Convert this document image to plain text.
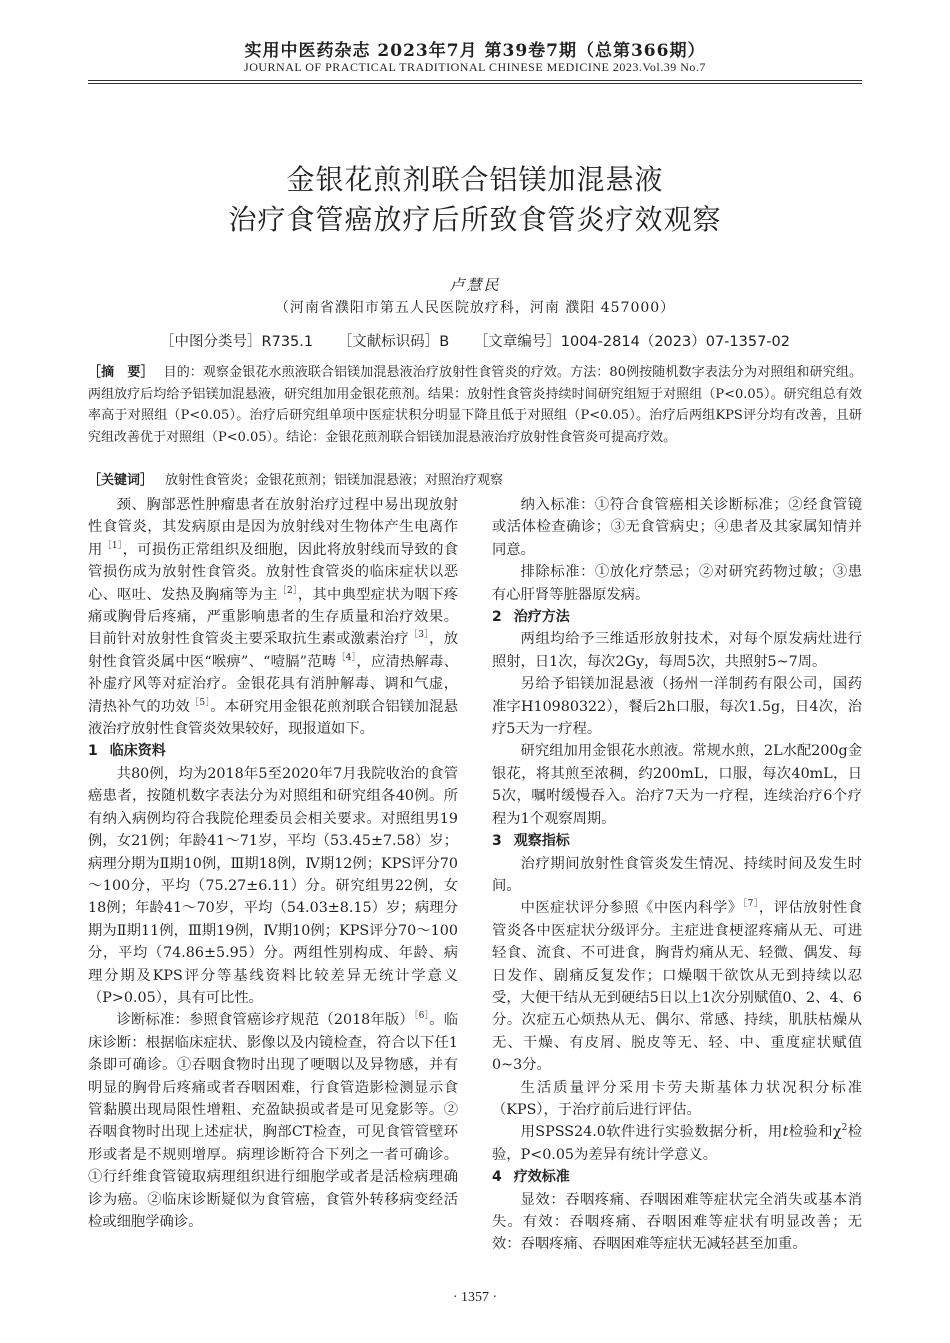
实用中医药杂志 2023年7月 第39卷7期（总第366期）
JOURNAL OF PRACTICAL TRADITIONAL CHINESE MEDICINE 2023.Vol.39 No.7
金银花煎剂联合铝镁加混悬液
治疗食管癌放疗后所致食管炎疗效观察
卢慧民
（河南省濮阳市第五人民医院放疗科，河南 濮阳 457000）
［中图分类号］R735.1 ［文献标识码］B ［文章编号］1004-2814（2023）07-1357-02
［摘　要］ 目的：观察金银花水煎液联合铝镁加混悬液治疗放射性食管炎的疗效。方法：80例按随机数字表法分为对照组和研究组。两组放疗后均给予铝镁加混悬液，研究组加用金银花煎剂。结果：放射性食管炎持续时间研究组短于对照组（P<0.05）。研究组总有效率高于对照组（P<0.05）。治疗后研究组单项中医症状积分明显下降且低于对照组（P<0.05）。治疗后两组KPS评分均有改善，且研究组改善优于对照组（P<0.05）。结论：金银花煎剂联合铝镁加混悬液治疗放射性食管炎可提高疗效。
［关键词］ 放射性食管炎；金银花煎剂；铝镁加混悬液；对照治疗观察

颈、胸部恶性肿瘤患者在放射治疗过程中易出现放射性食管炎，其发病原由是因为放射线对生物体产生电离作用$^{[1]}$，可损伤正常组织及细胞，因此将放射线而导致的食管损伤成为放射性食管炎。放射性食管炎的临床症状以恶心、呕吐、发热及胸痛等为主$^{[2]}$，其中典型症状为咽下疼痛或胸骨后疼痛，严重影响患者的生存质量和治疗效果。目前针对放射性食管炎主要采取抗生素或激素治疗$^{[3]}$，放射性食管炎属中医“喉痹”、“噎膈”范畴$^{[4]}$，应清热解毒、补虚疗风等对症治疗。金银花具有消肿解毒、调和气虚，清热补气的功效$^{[5]}$。本研究用金银花煎剂联合铝镁加混悬液治疗放射性食管炎效果较好，现报道如下。

1 临床资料

共80例，均为2018年5至2020年7月我院收治的食管癌患者，按随机数字表法分为对照组和研究组各40例。所有纳入病例均符合我院伦理委员会相关要求。对照组男19例，女21例；年龄41～71岁，平均（53.45±7.58）岁；病理分期为Ⅱ期10例，Ⅲ期18例，Ⅳ期12例；KPS评分70～100分，平均（75.27±6.11）分。研究组男22例，女18例；年龄41～70岁，平均（54.03±8.15）岁；病理分期为Ⅱ期11例，Ⅲ期19例，Ⅳ期10例；KPS评分70～100分，平均（74.86±5.95）分。两组性别构成、年龄、病理分期及KPS评分等基线资料比较差异无统计学意义（P>0.05），具有可比性。

诊断标准：参照食管癌诊疗规范（2018年版）$^{[6]}$。临床诊断：根据临床症状、影像以及内镜检查，符合以下任1条即可确诊。①吞咽食物时出现了哽咽以及异物感，并有明显的胸骨后疼痛或者吞咽困难，行食管造影检测显示食管黏膜出现局限性增粗、充盈缺损或者是可见龛影等。②吞咽食物时出现上述症状，胸部CT检查，可见食管管壁环形或者是不规则增厚。病理诊断符合下列之一者可确诊。①行纤维食管镜取病理组织进行细胞学或者是活检病理确诊为癌。②临床诊断疑似为食管癌，食管外转移病变经活检或细胞学确诊。

纳入标准：①符合食管癌相关诊断标准；②经食管镜或活体检查确诊；③无食管病史；④患者及其家属知情并同意。

排除标准：①放化疗禁忌；②对研究药物过敏；③患有心肝肾等脏器原发病。

2 治疗方法

两组均给予三维适形放射技术，对每个原发病灶进行照射，日1次，每次2Gy，每周5次，共照射5~7周。

另给予铝镁加混悬液（扬州一洋制药有限公司，国药准字H10980322），餐后2h口服，每次1.5g，日4次，治疗5天为一疗程。

研究组加用金银花水煎液。常规水煎，2L水配200g金银花，将其煎至浓稠，约200mL，口服，每次40mL，日5次，嘱咐缓慢吞入。治疗7天为一疗程，连续治疗6个疗程为1个观察周期。

3 观察指标

治疗期间放射性食管炎发生情况、持续时间及发生时间。

中医症状评分参照《中医内科学》$^{[7]}$，评估放射性食管炎各中医症状分级评分。主症进食梗涩疼痛从无、可进轻食、流食、不可进食，胸背灼痛从无、轻微、偶发、每日发作、剧痛反复发作；口燥咽干欲饮从无到持续以忍受，大便干结从无到硬结5日以上1次分别赋值0、2、4、6分。次症五心烦热从无、偶尔、常感、持续，肌肤枯燥从无、干燥、有皮屑、脱皮等无、轻、中、重度症状赋值0~3分。

生活质量评分采用卡劳夫斯基体力状况积分标准（KPS），于治疗前后进行评估。

用SPSS24.0软件进行实验数据分析，用t检验和$\chi^2$检验，P<0.05为差异有统计学意义。

4 疗效标准

显效：吞咽疼痛、吞咽困难等症状完全消失或基本消失。有效：吞咽疼痛、吞咽困难等症状有明显改善；无效：吞咽疼痛、吞咽困难等症状无减轻甚至加重。

· 1357 ·
